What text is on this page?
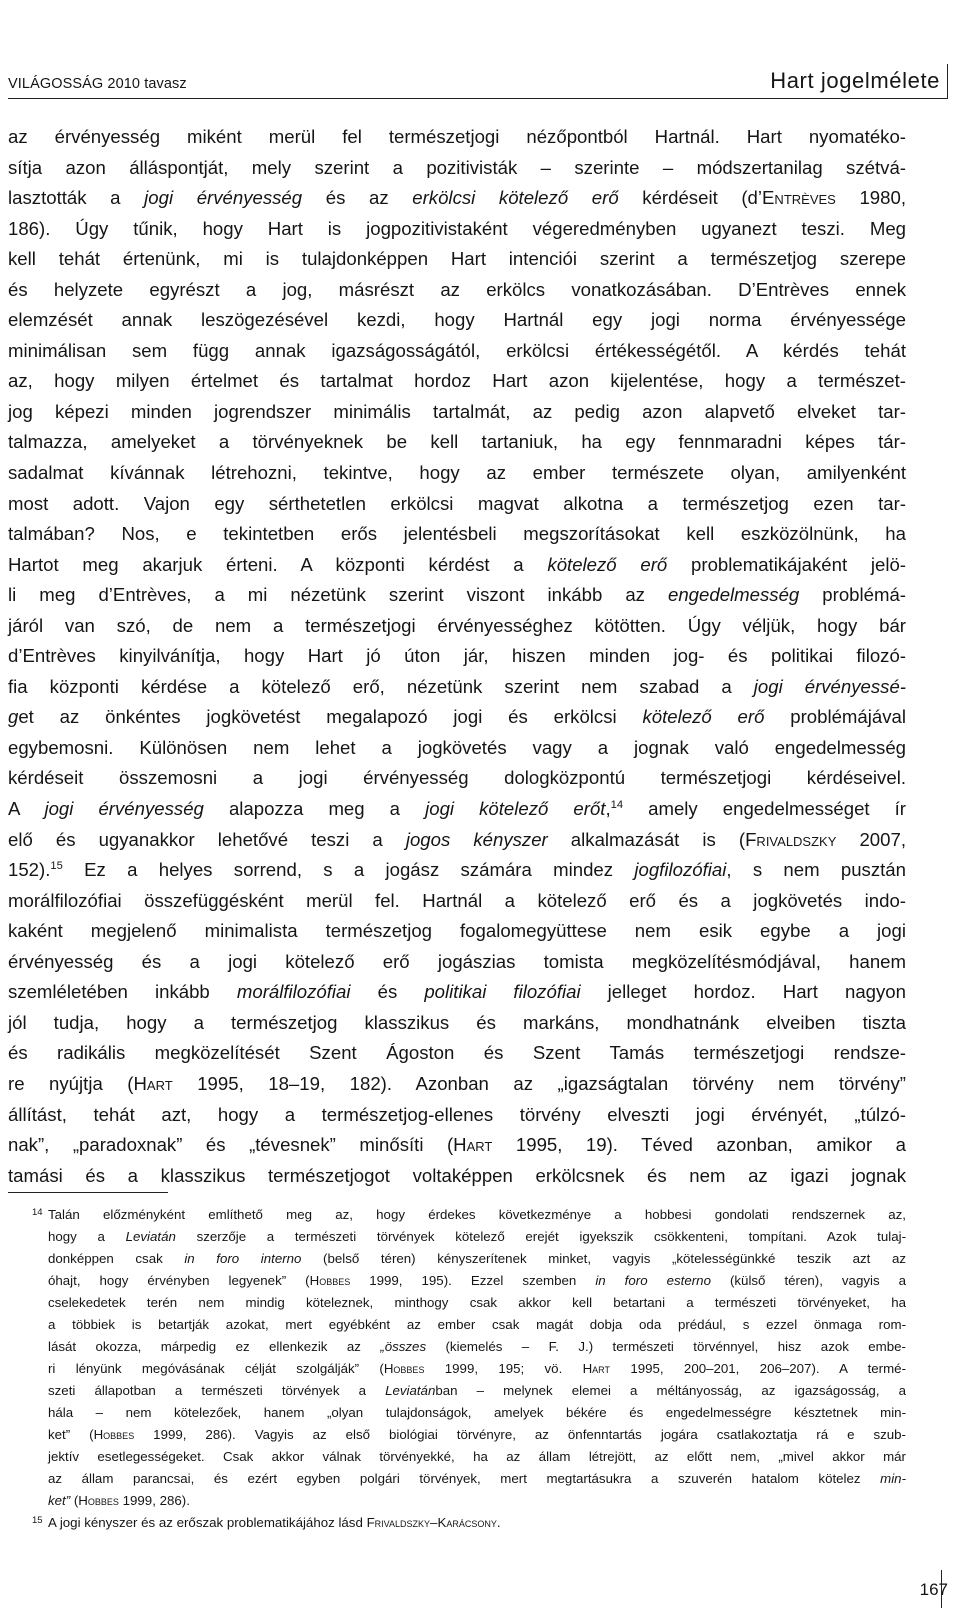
VILÁGOSSÁG 2010 tavasz	Hart jogelmélete
az érvényesség miként merül fel természetjogi nézőpontból Hartnál. Hart nyomatéko-
sítja azon álláspontját, mely szerint a pozitivisták – szerinte – módszertanilag szétvá-
lasztották a jogi érvényesség és az erkölcsi kötelező erő kérdéseit (d’Entrèves 1980,
186). Úgy tűnik, hogy Hart is jogpozitivistaként végeredményben ugyanezt teszi. Meg
kell tehát értenünk, mi is tulajdonképpen Hart intenciói szerint a természetjog szerepe
és helyzete egyrészt a jog, másrészt az erkölcs vonatkozásában. D’Entrèves ennek
elemzését annak leszögezésével kezdi, hogy Hartnál egy jogi norma érvényessége
minimálisan sem függ annak igazságosságától, erkölcsi értékességétől. A kérdés tehát
az, hogy milyen értelmet és tartalmat hordoz Hart azon kijelentése, hogy a természet-
jog képezi minden jogrendszer minimális tartalmát, az pedig azon alapvető elveket tar-
talmazza, amelyeket a törvényeknek be kell tartaniuk, ha egy fennmaradni képes tár-
sadalmat kívánnak létrehozni, tekintve, hogy az ember természete olyan, amilyenként
most adott. Vajon egy sérthetetlen erkölcsi magvat alkotna a természetjog ezen tar-
talmában? Nos, e tekintetben erős jelentésbeli megszorításokat kell eszközölnünk, ha
Hartot meg akarjuk érteni. A központi kérdést a kötelező erő problematikájaként jelö-
li meg d’Entrèves, a mi nézetünk szerint viszont inkább az engedelmesség problémá-
járól van szó, de nem a természetjogi érvényességhez kötötten. Úgy véljük, hogy bár
d’Entrèves kinyilvánítja, hogy Hart jó úton jár, hiszen minden jog- és politikai filozó-
fia központi kérdése a kötelező erő, nézetünk szerint nem szabad a jogi érvényessé-
get az önkéntes jogkövetést megalapozó jogi és erkölcsi kötelező erő problémájával
egybemosni. Különösen nem lehet a jogkövetés vagy a jognak való engedelmesség
kérdéseit összemosni a jogi érvényesség dologközpontú természetjogi kérdéseivel.
A jogi érvényesség alapozza meg a jogi kötelező erőt,$^{14}$ amely engedelmességet ír
elő és ugyanakkor lehetővé teszi a jogos kényszer alkalmazását is (Frivaldszky 2007,
152).$^{15}$ Ez a helyes sorrend, s a jogász számára mindez jogfilozófiai, s nem pusztán
morálfilozófiai összefüggésként merül fel. Hartnál a kötelező erő és a jogkövetés indo-
kaként megjelenő minimalista természetjog fogalomegyüttese nem esik egybe a jogi
érvényesség és a jogi kötelező erő jogászias tomista megközelítésmódjával, hanem
szemléletében inkább morálfilozófiai és politikai filozófiai jelleget hordoz. Hart nagyon
jól tudja, hogy a természetjog klasszikus és markáns, mondhatnánk elveiben tiszta
és radikális megközelítését Szent Ágoston és Szent Tamás természetjogi rendsze-
re nyújtja (Hart 1995, 18–19, 182). Azonban az „igazságtalan törvény nem törvény”
állítást, tehát azt, hogy a természetjog-ellenes törvény elveszti jogi érvényét, „túlzó-
nak”, „paradoxnak” és „tévesnek” minősíti (Hart 1995, 19). Téved azonban, amikor a
tamási és a klasszikus természetjogot voltaképpen erkölcsnek és nem az igazi jognak
14 Talán előzményként említhető meg az, hogy érdekes következménye a hobbesi gondolati rendszernek az,
hogy a Leviatán szerzője a természeti törvények kötelező erejét igyekszik csökkenteni, tompítani. Azok tulaj-
donképpen csak in foro interno (belső téren) kényszerítenek minket, vagyis „kötelességünkké teszik azt az
óhajt, hogy érvényben legyenek” (Hobbes 1999, 195). Ezzel szemben in foro esterno (külső téren), vagyis a
cselekedetek terén nem mindig köteleznek, minthogy csak akkor kell betartani a természeti törvényeket, ha
a többiek is betartják azokat, mert egyébként az ember csak magát dobja oda prédául, s ezzel önmaga rom-
lását okozza, márpedig ez ellenkezik az „összes (kiemelés – F. J.) természeti törvénnyel, hisz azok embe-
ri lényünk megóvásának célját szolgálják” (Hobbes 1999, 195; vö. Hart 1995, 200–201, 206–207). A termé-
szeti állapotban a természeti törvények a Leviatánban – melynek elemei a méltányosság, az igazságosság, a
hála – nem kötelezőek, hanem „olyan tulajdonságok, amelyek békére és engedelmességre késztetnek min-
ket” (Hobbes 1999, 286). Vagyis az első biológiai törvényre, az önfenntartás jogára csatlakoztatja rá e szub-
jektív esetlegességeket. Csak akkor válnak törvényekké, ha az állam létrejött, az előtt nem, „mivel akkor már
az állam parancsai, és ezért egyben polgári törvények, mert megtartásukra a szuverén hatalom kötelez min-
ket” (Hobbes 1999, 286).
15 A jogi kényszer és az erőszak problematikájához lásd Frivaldszky–Karácsony.
167
